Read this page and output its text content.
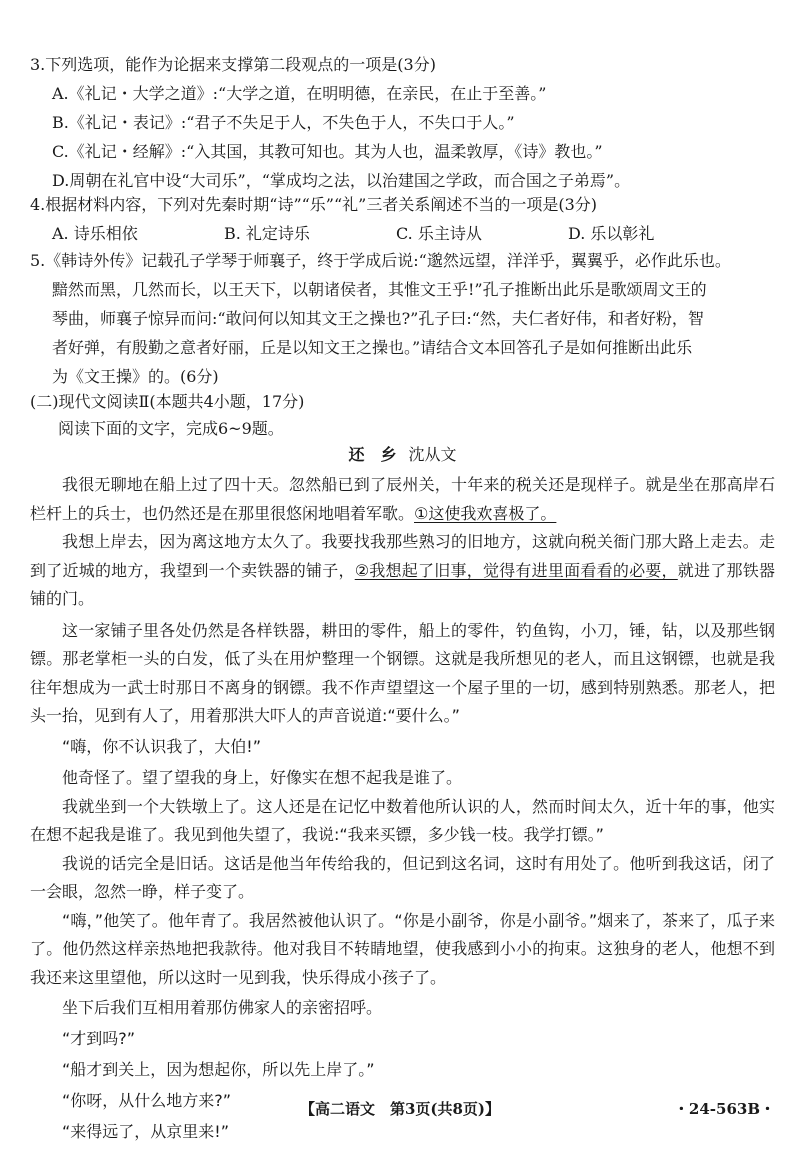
3.下列选项，能作为论据来支撑第二段观点的一项是(3分)
A.《礼记・大学之道》:“大学之道，在明明德，在亲民，在止于至善。”
B.《礼记・表记》:“君子不失足于人，不失色于人，不失口于人。”
C.《礼记・经解》:“入其国，其教可知也。其为人也，温柔敦厚，《诗》教也。”
D.周朝在礼官中设“大司乐”，“掌成均之法，以治建国之学政，而合国之子弟焉”。
4.根据材料内容，下列对先秦时期“诗”“乐”“礼”三者关系阐述不当的一项是(3分)
A. 诗乐相依	B. 礼定诗乐	C. 乐主诗从	D. 乐以彰礼
5.《韩诗外传》记载孔子学琴于师襄子，终于学成后说:“邈然远望，洋洋乎，翼翼乎，必作此乐也。
黯然而黑，几然而长，以王天下，以朝诸侯者，其惟文王乎!”孔子推断出此乐是歌颂周文王的
琴曲，师襄子惊异而问:“敢问何以知其文王之操也?”孔子曰:“然，夫仁者好伟，和者好粉，智
者好弹，有殷勤之意者好丽，丘是以知文王之操也。”请结合文本回答孔子是如何推断出此乐
为《文王操》的。(6分)
(二)现代文阅读Ⅱ(本题共4小题，17分)
阅读下面的文字，完成6~9题。
还　乡 沈从文
我很无聊地在船上过了四十天。忽然船已到了辰州关，十年来的税关还是现样子。就是坐在那高岸石栏杆上的兵士，也仍然还是在那里很悠闲地唱着军歌。①这使我欢喜极了。
我想上岸去，因为离这地方太久了。我要找我那些熟习的旧地方，这就向税关衙门那大路上走去。走到了近城的地方，我望到一个卖铁器的铺子，②我想起了旧事，觉得有进里面看看的必要，就进了那铁器铺的门。
这一家铺子里各处仍然是各样铁器，耕田的零件，船上的零件，钓鱼钩，小刀，锤，钻，以及那些钢镖。那老掌柜一头的白发，低了头在用炉整理一个钢镖。这就是我所想见的老人，而且这钢镖，也就是我往年想成为一武士时那日不离身的钢镖。我不作声望望这一个屋子里的一切，感到特别熟悉。那老人，把头一抬，见到有人了，用着那洪大吓人的声音说道:“要什么。”
“嗨，你不认识我了，大伯!”
他奇怪了。望了望我的身上，好像实在想不起我是谁了。
我就坐到一个大铁墩上了。这人还是在记忆中数着他所认识的人，然而时间太久，近十年的事，他实在想不起我是谁了。我见到他失望了，我说:“我来买镖，多少钱一枝。我学打镖。”
我说的话完全是旧话。这话是他当年传给我的，但记到这名词，这时有用处了。他听到我这话，闭了一会眼，忽然一睁，样子变了。
“嗨，”他笑了。他年青了。我居然被他认识了。“你是小副爷，你是小副爷。”烟来了，茶来了，瓜子来了。他仍然这样亲热地把我款待。他对我目不转睛地望，使我感到小小的拘束。这独身的老人，他想不到我还来这里望他，所以这时一见到我，快乐得成小孩子了。
坐下后我们互相用着那仿佛家人的亲密招呼。
“才到吗?”
“船才到关上，因为想起你，所以先上岸了。”
“你呀，从什么地方来?”
“来得远了，从京里来!”
【高二语文　第3页(共8页)】	・24-563B・
